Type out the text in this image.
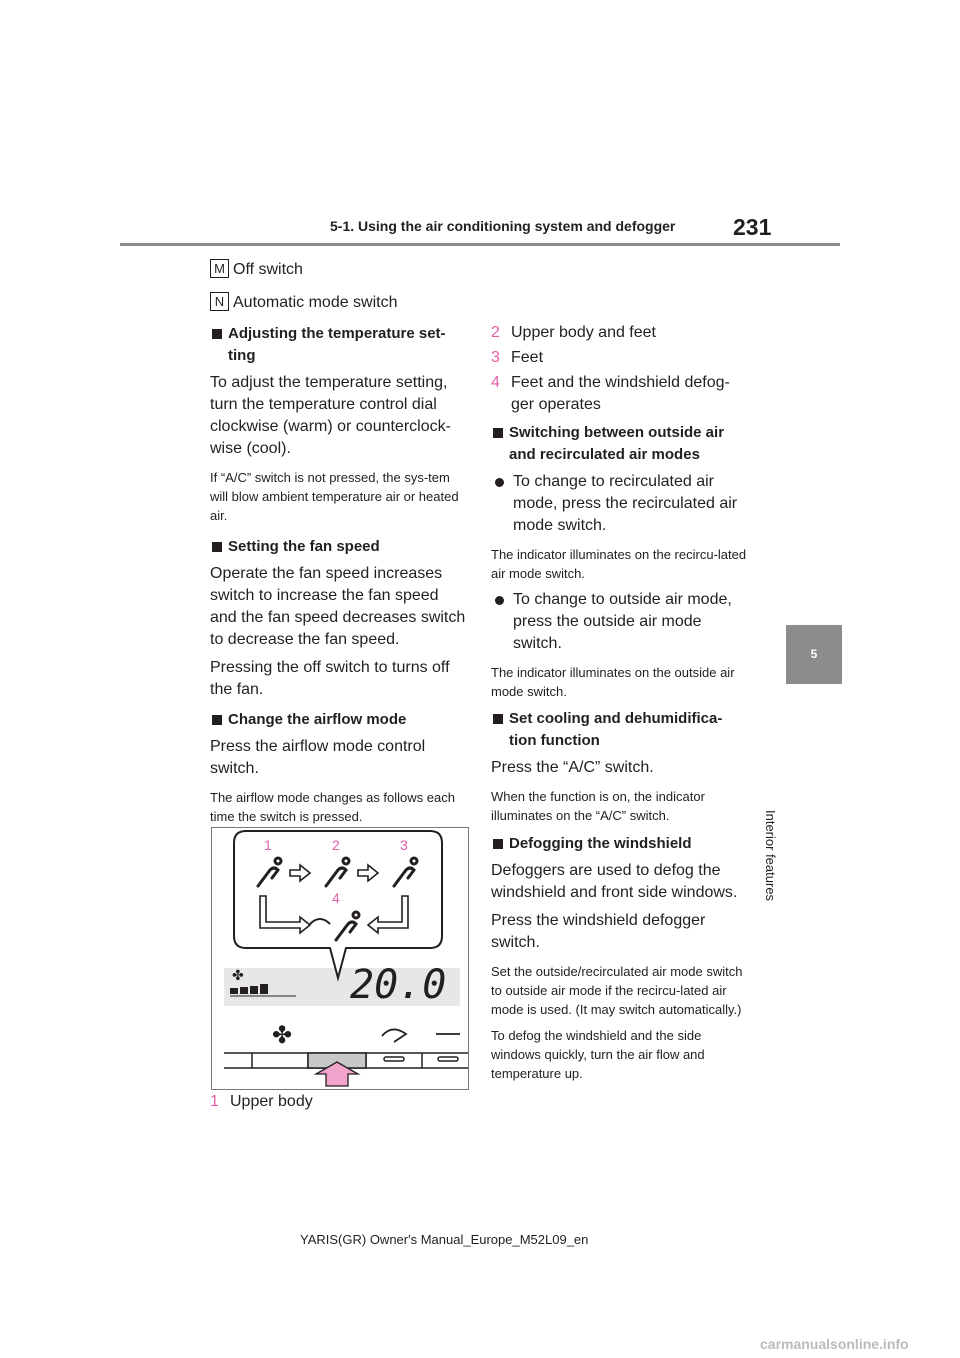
5-1. Using the air conditioning system and defogger	231
5
Interior features
M Off switch
N Automatic mode switch

Adjusting the temperature set-
ting

To adjust the temperature setting, turn the temperature control dial clockwise (warm) or counterclock-wise (cool).

If “A/C” switch is not pressed, the sys-tem will blow ambient temperature air or heated air.

Setting the fan speed

Operate the fan speed increases switch to increase the fan speed and the fan speed decreases switch to decrease the fan speed.

Pressing the off switch to turns off the fan.

Change the airflow mode

Press the airflow mode control switch.

The airflow mode changes as follows each time the switch is pressed.

1	2	3
4
✤	20.0
✤
1 Upper body

2 Upper body and feet

3 Feet

4 Feet and the windshield defog-ger operates

Switching between outside air and recirculated air modes

To change to recirculated air mode, press the recirculated air mode switch.

The indicator illuminates on the recircu-lated air mode switch.

To change to outside air mode, press the outside air mode switch.

The indicator illuminates on the outside air mode switch.

Set cooling and dehumidifica-tion function

Press the “A/C” switch.

When the function is on, the indicator illuminates on the “A/C” switch.

Defogging the windshield

Defoggers are used to defog the windshield and front side windows.

Press the windshield defogger switch.

Set the outside/recirculated air mode switch to outside air mode if the recircu-lated air mode is used. (It may switch automatically.)

To defog the windshield and the side windows quickly, turn the air flow and temperature up.

YARIS(GR) Owner's Manual_Europe_M52L09_en
carmanualsonline.info
